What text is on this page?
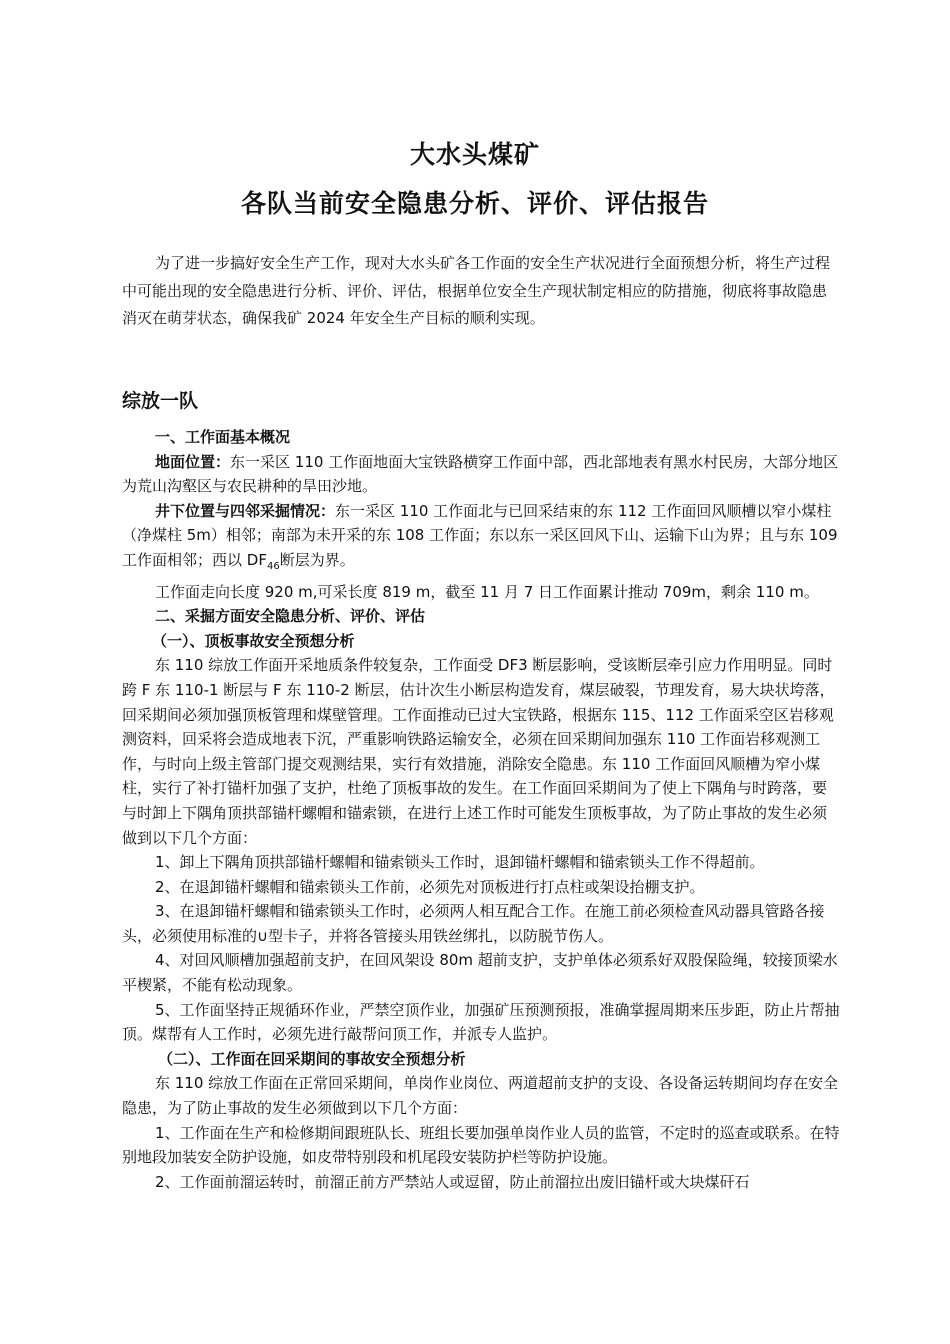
大水头煤矿
各队当前安全隐患分析、评价、评估报告

为了进一步搞好安全生产工作，现对大水头矿各工作面的安全生产状况进行全面预想分析，将生产过程中可能出现的安全隐患进行分析、评价、评估，根据单位安全生产现状制定相应的防措施，彻底将事故隐患消灭在萌芽状态，确保我矿 2024 年安全生产目标的顺利实现。

综放一队

一、工作面基本概况

地面位置：东一采区 110 工作面地面大宝铁路横穿工作面中部，西北部地表有黑水村民房，大部分地区为荒山沟壑区与农民耕种的旱田沙地。

井下位置与四邻采掘情况：东一采区 110 工作面北与已回采结束的东 112 工作面回风顺槽以窄小煤柱（净煤柱 5m）相邻；南部为未开采的东 108 工作面；东以东一采区回风下山、运输下山为界；且与东 109 工作面相邻；西以 $DF_{46}$断层为界。

工作面走向长度 920 m,可采长度 819 m，截至 11 月 7 日工作面累计推动 709m，剩余 110 m。

二、采掘方面安全隐患分析、评价、评估

（一）、顶板事故安全预想分析

东 110 综放工作面开采地质条件较复杂，工作面受 DF3 断层影响，受该断层牵引应力作用明显。同时跨 F 东 110-1 断层与 F 东 110-2 断层，估计次生小断层构造发育，煤层破裂，节理发育，易大块状垮落，回采期间必须加强顶板管理和煤壁管理。工作面推动已过大宝铁路，根据东 115、112 工作面采空区岩移观测资料，回采将会造成地表下沉，严重影响铁路运输安全，必须在回采期间加强东 110 工作面岩移观测工作，与时向上级主管部门提交观测结果，实行有效措施，消除安全隐患。东 110 工作面回风顺槽为窄小煤柱，实行了补打锚杆加强了支护，杜绝了顶板事故的发生。在工作面回采期间为了使上下隅角与时跨落，要与时卸上下隅角顶拱部锚杆螺帽和锚索锁，在进行上述工作时可能发生顶板事故，为了防止事故的发生必须做到以下几个方面：

1、卸上下隅角顶拱部锚杆螺帽和锚索锁头工作时，退卸锚杆螺帽和锚索锁头工作不得超前。

2、在退卸锚杆螺帽和锚索锁头工作前，必须先对顶板进行打点柱或架设抬棚支护。

3、在退卸锚杆螺帽和锚索锁头工作时，必须两人相互配合工作。在施工前必须检查风动器具管路各接头，必须使用标准的∪型卡子，并将各管接头用铁丝绑扎，以防脱节伤人。

4、对回风顺槽加强超前支护，在回风架设 80m 超前支护，支护单体必须系好双股保险绳，较接顶梁水平楔紧，不能有松动现象。

5、工作面坚持正规循环作业，严禁空顶作业，加强矿压预测预报，准确掌握周期来压步距，防止片帮抽顶。煤帮有人工作时，必须先进行敲帮问顶工作，并派专人监护。

（二）、工作面在回采期间的事故安全预想分析

东 110 综放工作面在正常回采期间，单岗作业岗位、两道超前支护的支设、各设备运转期间均存在安全隐患，为了防止事故的发生必须做到以下几个方面：

1、工作面在生产和检修期间跟班队长、班组长要加强单岗作业人员的监管，不定时的巡查或联系。在特别地段加装安全防护设施，如皮带特别段和机尾段安装防护栏等防护设施。

2、工作面前溜运转时，前溜正前方严禁站人或逗留，防止前溜拉出废旧锚杆或大块煤矸石
